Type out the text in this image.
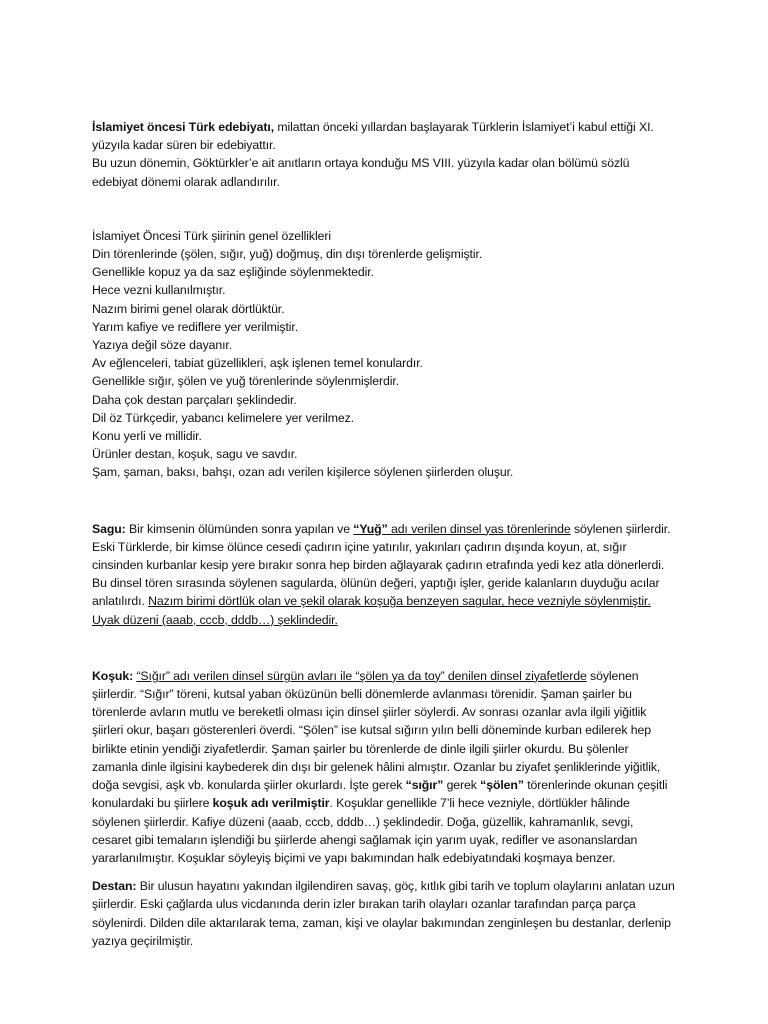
İslamiyet öncesi Türk edebiyatı, milattan önceki yıllardan başlayarak Türklerin İslamiyet’i kabul ettiği XI. yüzyıla kadar süren bir edebiyattır.

Bu uzun dönemin, Göktürkler’e ait anıtların ortaya konduğu MS VIII. yüzyıla kadar olan bölümü sözlü edebiyat dönemi olarak adlandırılır.

İslamiyet Öncesi Türk şiirinin genel özellikleri
Din törenlerinde (şölen, sığır, yuğ) doğmuş, din dışı törenlerde gelişmiştir.
Genellikle kopuz ya da saz eşliğinde söylenmektedir.
Hece vezni kullanılmıştır.
Nazım birimi genel olarak dörtlüktür.
Yarım kafiye ve rediflere yer verilmiştir.
Yazıya değil söze dayanır.
Av eğlenceleri, tabiat güzellikleri, aşk işlenen temel konulardır.
Genellikle sığır, şölen ve yuğ törenlerinde söylenmişlerdir.
Daha çok destan parçaları şeklindedir.
Dil öz Türkçedir, yabancı kelimelere yer verilmez.
Konu yerli ve millidir.
Ürünler destan, koşuk, sagu ve savdır.
Şam, şaman, baksı, bahşı, ozan adı verilen kişilerce söylenen şiirlerden oluşur.

Sagu: Bir kimsenin ölümünden sonra yapılan ve “Yuğ” adı verilen dinsel yas törenlerinde söylenen şiirlerdir. Eski Türklerde, bir kimse ölünce cesedi çadırın içine yatırılır, yakınları çadırın dışında koyun, at, sığır cinsinden kurbanlar kesip yere bırakır sonra hep birden ağlayarak çadırın etrafında yedi kez atla dönerlerdi.

Bu dinsel tören sırasında söylenen sagularda, ölünün değeri, yaptığı işler, geride kalanların duyduğu acılar anlatılırdı. Nazım birimi dörtlük olan ve şekil olarak koşuğa benzeyen sagular, hece vezniyle söylenmiştir. Uyak düzeni (aaab, cccb, dddb…) şeklindedir.

Koşuk: “Sığır” adı verilen dinsel sürgün avları ile “şölen ya da toy” denilen dinsel ziyafetlerde söylenen şiirlerdir. “Sığır” töreni, kutsal yaban öküzünün belli dönemlerde avlanması törenidir. Şaman şairler bu törenlerde avların mutlu ve bereketli olması için dinsel şiirler söylerdi. Av sonrası ozanlar avla ilgili yiğitlik şiirleri okur, başarı gösterenleri överdi. “Şölen” ise kutsal sığırın yılın belli döneminde kurban edilerek hep birlikte etinin yendiği ziyafetlerdir. Şaman şairler bu törenlerde de dinle ilgili şiirler okurdu. Bu şölenler zamanla dinle ilgisini kaybederek din dışı bir gelenek hâlini almıştır. Ozanlar bu ziyafet şenliklerinde yiğitlik, doğa sevgisi, aşk vb. konularda şiirler okurlardı. İşte gerek “sığır” gerek “şölen” törenlerinde okunan çeşitli konulardaki bu şiirlere koşuk adı verilmiştir. Koşuklar genellikle 7’li hece vezniyle, dörtlükler hâlinde söylenen şiirlerdir. Kafiye düzeni (aaab, cccb, dddb…) şeklindedir. Doğa, güzellik, kahramanlık, sevgi, cesaret gibi temaların işlendiği bu şiirlerde ahengi sağlamak için yarım uyak, redifler ve asonanslardan yararlanılmıştır. Koşuklar söyleyiş biçimi ve yapı bakımından halk edebiyatındaki koşmaya benzer.

Destan: Bir ulusun hayatını yakından ilgilendiren savaş, göç, kıtlık gibi tarih ve toplum olaylarını anlatan uzun şiirlerdir. Eski çağlarda ulus vicdanında derin izler bırakan tarih olayları ozanlar tarafından parça parça söylenirdi. Dilden dile aktarılarak tema, zaman, kişi ve olaylar bakımından zenginleşen bu destanlar, derlenip yazıya geçirilmiştir.
